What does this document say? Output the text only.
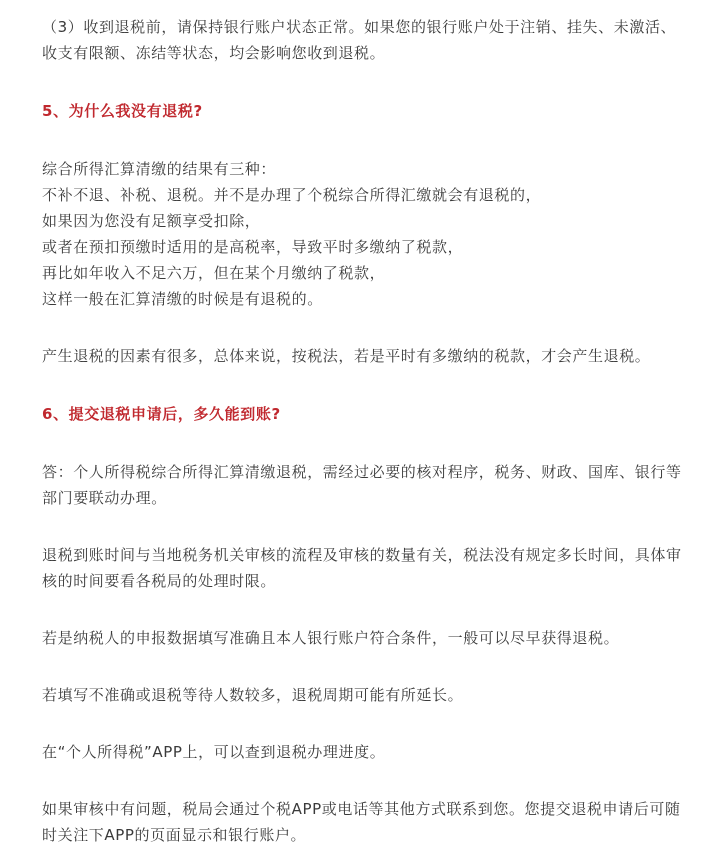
（3）收到退税前，请保持银行账户状态正常。如果您的银行账户处于注销、挂失、未激活、收支有限额、冻结等状态，均会影响您收到退税。

5、为什么我没有退税?

综合所得汇算清缴的结果有三种：
不补不退、补税、退税。并不是办理了个税综合所得汇缴就会有退税的，
如果因为您没有足额享受扣除，
或者在预扣预缴时适用的是高税率，导致平时多缴纳了税款，
再比如年收入不足六万，但在某个月缴纳了税款，
这样一般在汇算清缴的时候是有退税的。

产生退税的因素有很多，总体来说，按税法，若是平时有多缴纳的税款，才会产生退税。

6、提交退税申请后，多久能到账?

答：个人所得税综合所得汇算清缴退税，需经过必要的核对程序，税务、财政、国库、银行等部门要联动办理。

退税到账时间与当地税务机关审核的流程及审核的数量有关，税法没有规定多长时间，具体审核的时间要看各税局的处理时限。

若是纳税人的申报数据填写准确且本人银行账户符合条件，一般可以尽早获得退税。

若填写不准确或退税等待人数较多，退税周期可能有所延长。

在“个人所得税”APP上，可以查到退税办理进度。

如果审核中有问题，税局会通过个税APP或电话等其他方式联系到您。您提交退税申请后可随时关注下APP的页面显示和银行账户。
